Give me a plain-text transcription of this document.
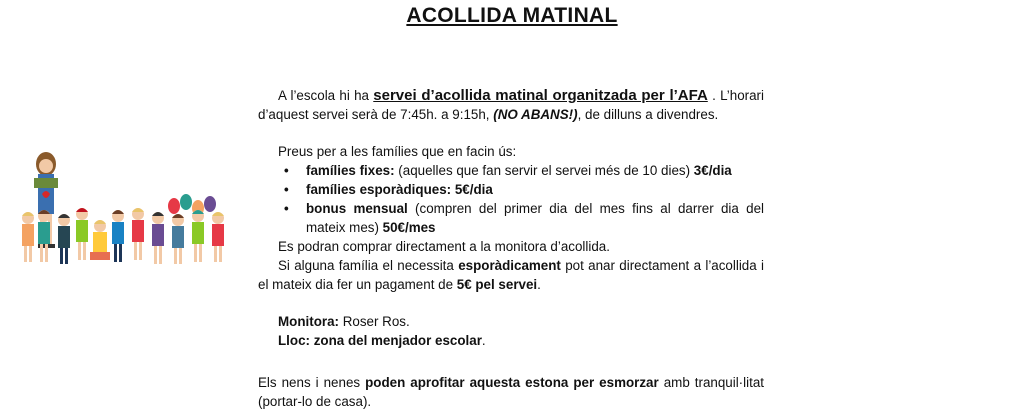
ACOLLIDA MATINAL
A l’escola hi ha servei d’acollida matinal organitzada per l’AFA . L’horari d’aquest servei serà de 7:45h. a 9:15h, (NO ABANS!), de dilluns a divendres.
Preus per a les famílies que en facin ús:
• famílies fixes: (aquelles que fan servir el servei més de 10 dies) 3€/dia
• famílies esporàdiques: 5€/dia
• bonus mensual (compren del primer dia del mes fins al darrer dia del mateix mes) 50€/mes
Es podran comprar directament a la monitora d’acollida.
Si alguna família el necessita esporàdicament pot anar directament a l’acollida i el mateix dia fer un pagament de 5€ pel servei.
Monitora: Roser Ros.
Lloc: zona del menjador escolar.
Els nens i nenes poden aprofitar aquesta estona per esmorzar amb tranquil·litat (portar-lo de casa).
